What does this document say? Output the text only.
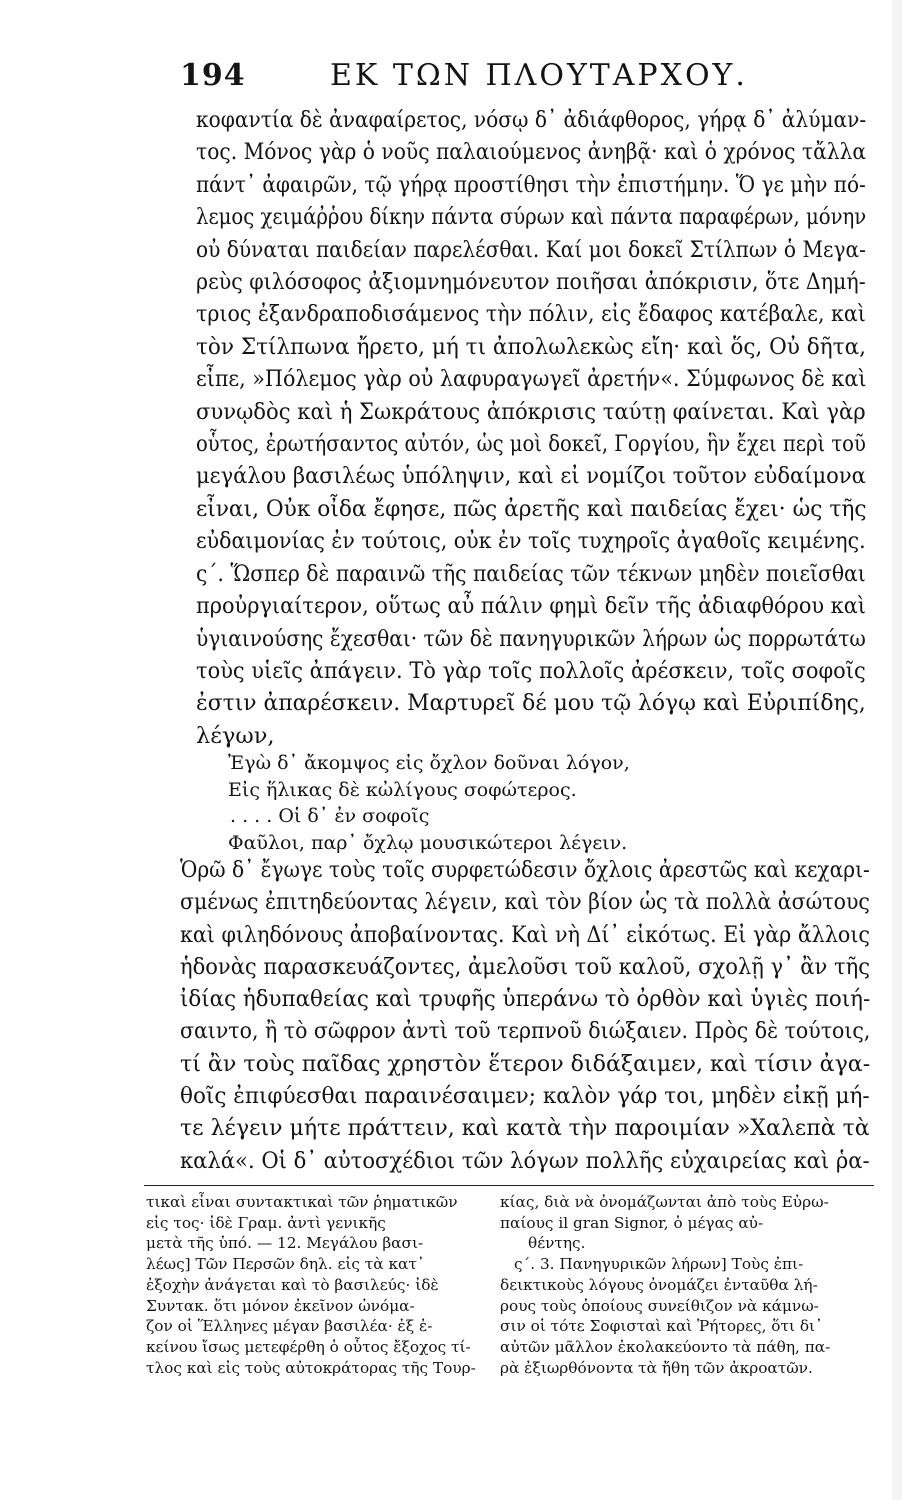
194	ΕΚ ΤΩΝ ΠΛΟΥΤΑΡΧΟΥ.
κοφαντία δὲ ἀναφαίρετος, νόσῳ δ᾽ ἀδιάφθορος, γήρᾳ δ᾽ ἀλύμαν-
τος. Μόνος γὰρ ὁ νοῦς παλαιούμενος ἀνηβᾷ· καὶ ὁ χρόνος τἄλλα
πάντ᾽ ἀφαιρῶν, τῷ γήρᾳ προστίθησι τὴν ἐπιστήμην. Ὅ γε μὴν πό-
λεμος χειμάῤῥου δίκην πάντα σύρων καὶ πάντα παραφέρων, μόνην
οὐ δύναται παιδείαν παρελέσθαι. Καί μοι δοκεῖ Στίλπων ὁ Μεγα-
ρεὺς φιλόσοφος ἀξιομνημόνευτον ποιῆσαι ἀπόκρισιν, ὅτε Δημή-
τριος ἐξανδραποδισάμενος τὴν πόλιν, εἰς ἔδαφος κατέβαλε, καὶ
τὸν Στίλπωνα ἤρετο, μή τι ἀπολωλεκὼς εἴη· καὶ ὅς, Οὐ δῆτα,
εἶπε, »Πόλεμος γὰρ οὐ λαφυραγωγεῖ ἀρετήν«. Σύμφωνος δὲ καὶ
συνῳδὸς καὶ ἡ Σωκράτους ἀπόκρισις ταύτῃ φαίνεται. Καὶ γὰρ
οὗτος, ἐρωτήσαντος αὐτόν, ὡς μοὶ δοκεῖ, Γοργίου, ἣν ἔχει περὶ τοῦ
μεγάλου βασιλέως ὑπόληψιν, καὶ εἰ νομίζοι τοῦτον εὐδαίμονα
εἶναι, Οὐκ οἶδα ἔφησε, πῶς ἀρετῆς καὶ παιδείας ἔχει· ὡς τῆς
εὐδαιμονίας ἐν τούτοις, οὐκ ἐν τοῖς τυχηροῖς ἀγαθοῖς κειμένης.
ς΄. Ὥσπερ δὲ παραινῶ τῆς παιδείας τῶν τέκνων μηδὲν ποιεῖσθαι
προὐργιαίτερον, οὕτως αὖ πάλιν φημὶ δεῖν τῆς ἀδιαφθόρου καὶ
ὑγιαινούσης ἔχεσθαι· τῶν δὲ πανηγυρικῶν λήρων ὡς πορρωτάτω
τοὺς υἱεῖς ἀπάγειν. Τὸ γὰρ τοῖς πολλοῖς ἀρέσκειν, τοῖς σοφοῖς
ἐστιν ἀπαρέσκειν. Μαρτυρεῖ δέ μου τῷ λόγῳ καὶ Εὐριπίδης,
λέγων,
Ἐγὼ δ᾽ ἄκομψος εἰς ὄχλον δοῦναι λόγον,
Εἰς ἥλικας δὲ κὠλίγους σοφώτερος.
. . . . Οἱ δ᾽ ἐν σοφοῖς
Φαῦλοι, παρ᾽ ὄχλῳ μουσικώτεροι λέγειν.
Ὁρῶ δ᾽ ἔγωγε τοὺς τοῖς συρφετώδεσιν ὄχλοις ἀρεστῶς καὶ κεχαρι-
σμένως ἐπιτηδεύοντας λέγειν, καὶ τὸν βίον ὡς τὰ πολλὰ ἀσώτους
καὶ φιληδόνους ἀποβαίνοντας. Καὶ νὴ Δί᾽ εἰκότως. Εἰ γὰρ ἄλλοις
ἡδονὰς παρασκευάζοντες, ἀμελοῦσι τοῦ καλοῦ, σχολῇ γ᾽ ἂν τῆς
ἰδίας ἡδυπαθείας καὶ τρυφῆς ὑπεράνω τὸ ὀρθὸν καὶ ὑγιὲς ποιή-
σαιντο, ἢ τὸ σῶφρον ἀντὶ τοῦ τερπνοῦ διώξαιεν. Πρὸς δὲ τούτοις,
τί ἂν τοὺς παῖδας χρηστὸν ἕτερον διδάξαιμεν, καὶ τίσιν ἀγα-
θοῖς ἐπιφύεσθαι παραινέσαιμεν; καλὸν γάρ τοι, μηδὲν εἰκῇ μή-
τε λέγειν μήτε πράττειν, καὶ κατὰ τὴν παροιμίαν »Χαλεπὰ τὰ
καλά«. Οἱ δ᾽ αὐτοσχέδιοι τῶν λόγων πολλῆς εὐχαιρείας καὶ ῥα-
τικαὶ εἶναι συντακτικαὶ τῶν ῥηματικῶν
εἰς τος· ἰδὲ Γραμ. ἀντὶ γενικῆς
μετὰ τῆς ὑπό. — 12. Μεγάλου βασι-
λέως] Τῶν Περσῶν δηλ. εἰς τὰ κατ᾽
ἐξοχὴν ἀνάγεται καὶ τὸ βασιλεύς· ἰδὲ
Συντακ. ὅτι μόνον ἐκεῖνον ὠνόμα-
ζον οἱ Ἕλληνες μέγαν βασιλέα· ἐξ ἐ-
κείνου ἴσως μετεφέρθη ὁ οὗτος ἔξοχος τί-
τλος καὶ εἰς τοὺς αὐτοκράτορας τῆς Τουρ-
κίας, διὰ νὰ ὀνομάζωνται ἀπὸ τοὺς Εὐρω-
παίους il gran Signor, ὁ μέγας αὐ-
θέντης.
ς΄. 3. Πανηγυρικῶν λήρων] Τοὺς ἐπι-
δεικτικοὺς λόγους ὀνομάζει ἐνταῦθα λή-
ρους τοὺς ὁποίους συνείθιζον νὰ κάμνω-
σιν οἱ τότε Σοφισταὶ καὶ Ῥήτορες, ὅτι δι᾽
αὐτῶν μᾶλλον ἐκολακεύοντο τὰ πάθη, πα-
ρὰ ἐξιωρθόνοντα τὰ ἤθη τῶν ἀκροατῶν.
